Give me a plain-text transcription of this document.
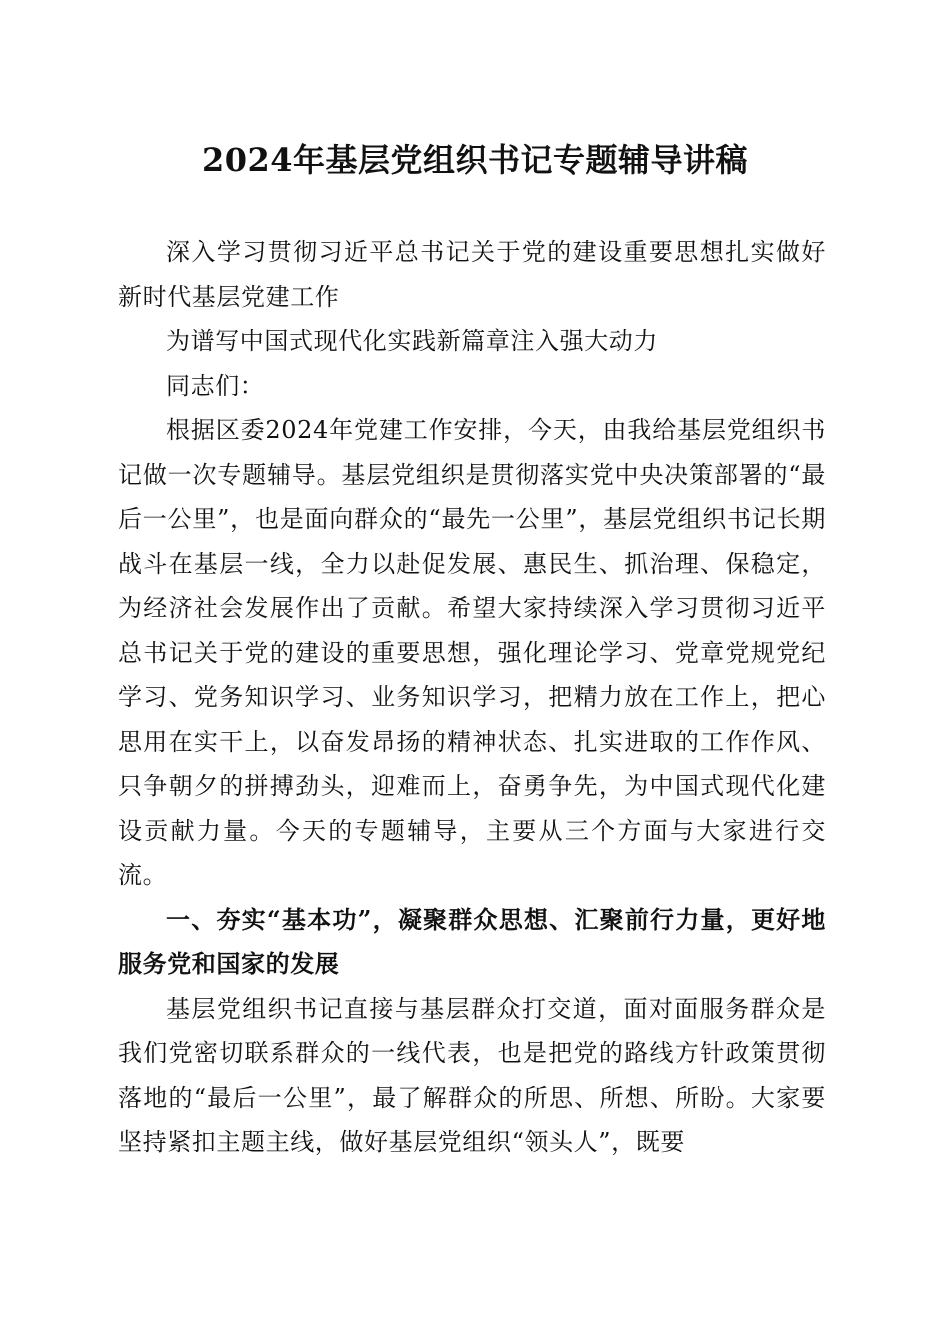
2024年基层党组织书记专题辅导讲稿

深入学习贯彻习近平总书记关于党的建设重要思想扎实做好新时代基层党建工作

为谱写中国式现代化实践新篇章注入强大动力

同志们：

根据区委2024年党建工作安排，今天，由我给基层党组织书记做一次专题辅导。基层党组织是贯彻落实党中央决策部署的“最后一公里”，也是面向群众的“最先一公里”，基层党组织书记长期战斗在基层一线，全力以赴促发展、惠民生、抓治理、保稳定，为经济社会发展作出了贡献。希望大家持续深入学习贯彻习近平总书记关于党的建设的重要思想，强化理论学习、党章党规党纪学习、党务知识学习、业务知识学习，把精力放在工作上，把心思用在实干上，以奋发昂扬的精神状态、扎实进取的工作作风、只争朝夕的拼搏劲头，迎难而上，奋勇争先，为中国式现代化建设贡献力量。今天的专题辅导，主要从三个方面与大家进行交流。

一、夯实“基本功”，凝聚群众思想、汇聚前行力量，更好地服务党和国家的发展

基层党组织书记直接与基层群众打交道，面对面服务群众是我们党密切联系群众的一线代表，也是把党的路线方针政策贯彻落地的“最后一公里”，最了解群众的所思、所想、所盼。大家要坚持紧扣主题主线，做好基层党组织“领头人”，既要
